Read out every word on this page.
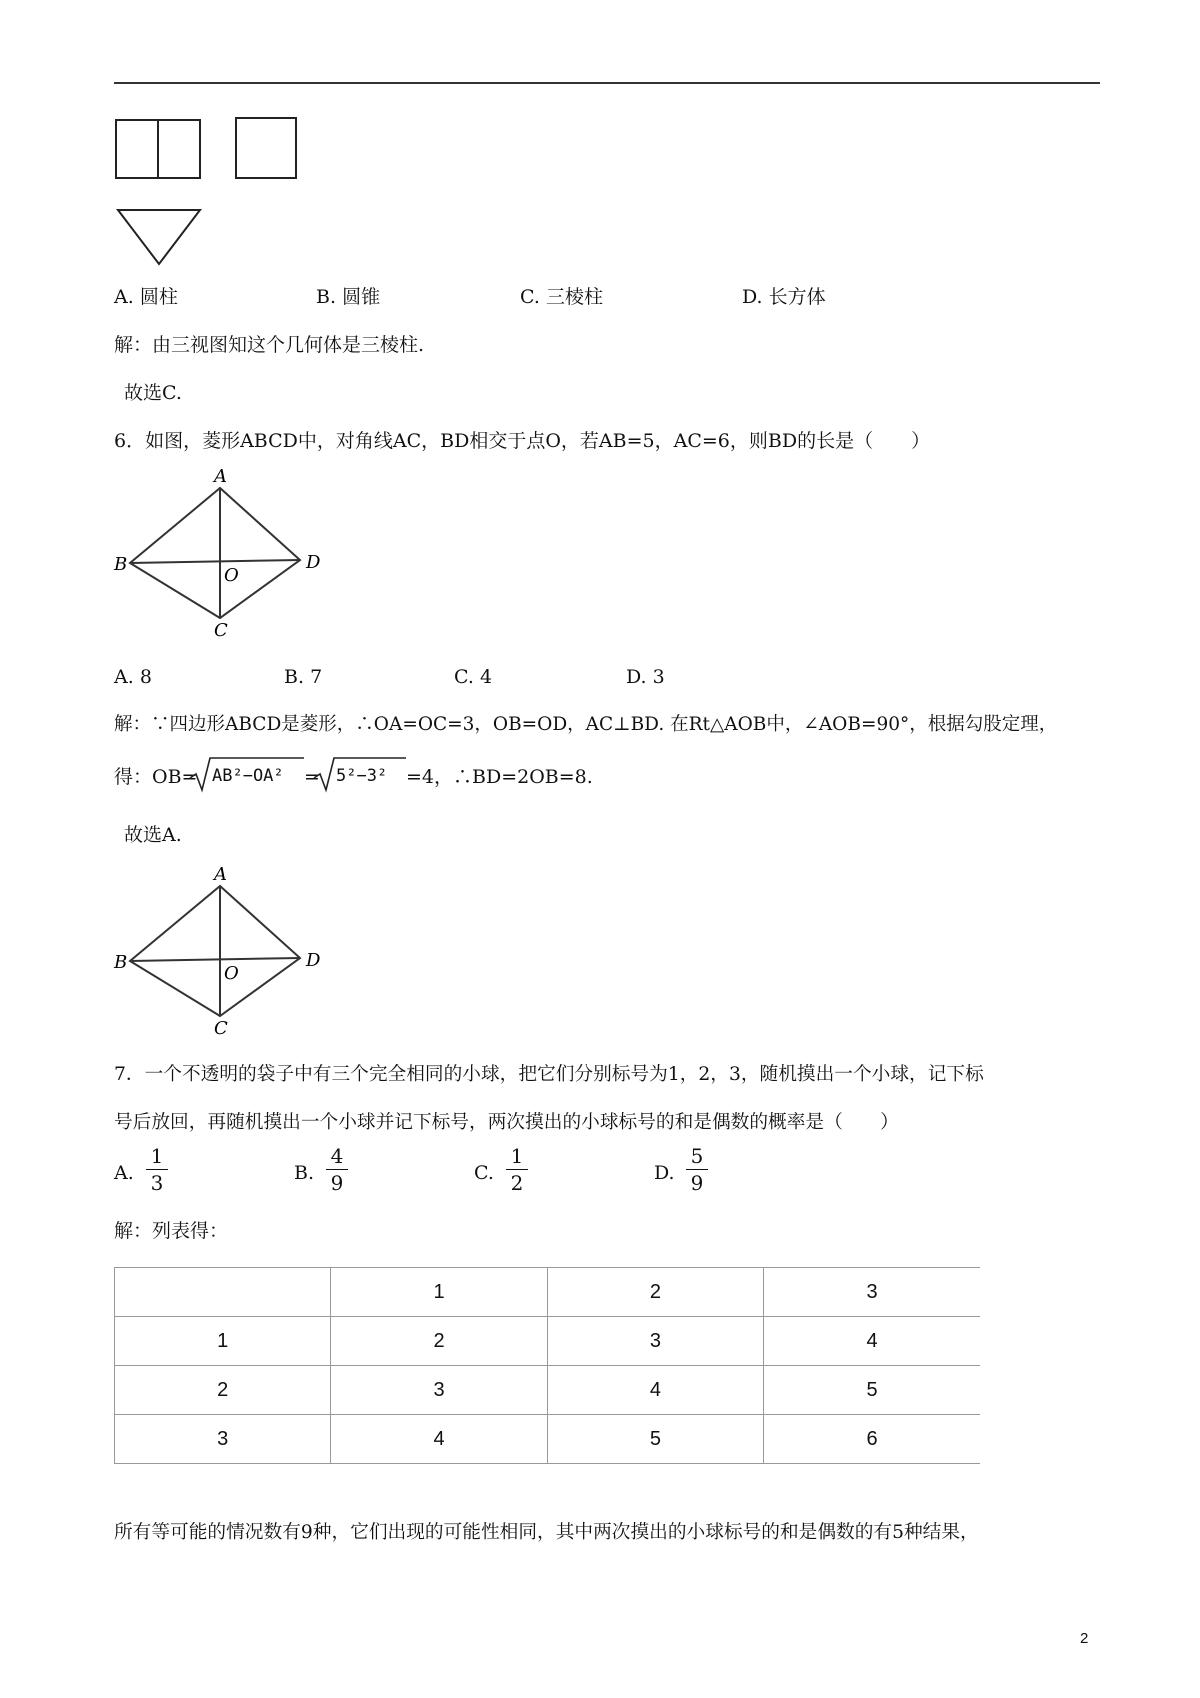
A. 圆柱	B. 圆锥	C. 三棱柱	D. 长方体
解：由三视图知这个几何体是三棱柱.
故选C.
6．如图，菱形ABCD中，对角线AC，BD相交于点O，若AB=5，AC=6，则BD的长是（　　）
A
B
C
D
O
A. 8	B. 7	C. 4	D. 3
解：∵四边形ABCD是菱形，∴OA=OC=3，OB=OD，AC⊥BD. 在Rt△AOB中，∠AOB=90°，根据勾股定理，
得：OB= AB²−OA² = 5²−3² =4，∴BD=2OB=8.
故选A.
A
B
C
D
O
7．一个不透明的袋子中有三个完全相同的小球，把它们分别标号为1，2，3，随机摸出一个小球，记下标
号后放回，再随机摸出一个小球并记下标号，两次摸出的小球标号的和是偶数的概率是（　　）
A.
1
3	B.
4
9	C.
1
2	D.
5
9
解：列表得：
	1	2	3
1	2	3	4
2	3	4	5
3	4	5	6
所有等可能的情况数有9种，它们出现的可能性相同，其中两次摸出的小球标号的和是偶数的有5种结果，
2
